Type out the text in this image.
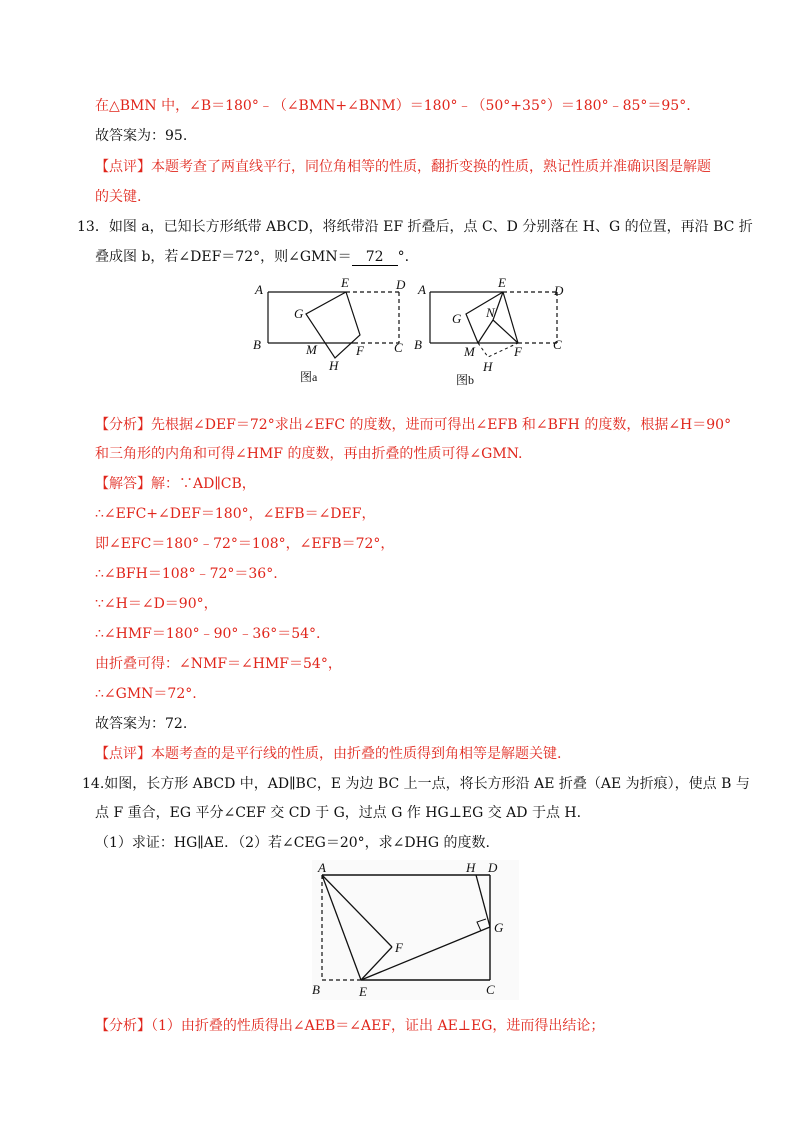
在△BMN 中，∠B＝180°﹣（∠BMN+∠BNM）＝180°﹣（50°+35°）＝180°﹣85°＝95°.
故答案为：95.
【点评】本题考查了两直线平行，同位角相等的性质，翻折变换的性质，熟记性质并准确识图是解题
的关键.
13．如图 a，已知长方形纸带 ABCD，将纸带沿 EF 折叠后，点 C、D 分别落在 H、G 的位置，再沿 BC 折
叠成图 b，若∠DEF＝72°，则∠GMN＝ 72 °.
A	E	D
G
B	M	F C
H
图a
A	E
D
G N
B	M	F C
H
图b
【分析】先根据∠DEF＝72°求出∠EFC 的度数，进而可得出∠EFB 和∠BFH 的度数，根据∠H＝90°
和三角形的内角和可得∠HMF 的度数，再由折叠的性质可得∠GMN.
【解答】解：∵AD∥CB，
∴∠EFC+∠DEF＝180°，∠EFB＝∠DEF，
即∠EFC＝180°﹣72°＝108°，∠EFB＝72°，
∴∠BFH＝108°﹣72°＝36°.
∵∠H＝∠D＝90°，
∴∠HMF＝180°﹣90°﹣36°＝54°.
由折叠可得：∠NMF＝∠HMF＝54°，
∴∠GMN＝72°.
故答案为：72.
【点评】本题考查的是平行线的性质，由折叠的性质得到角相等是解题关键.
14.如图，长方形 ABCD 中，AD∥BC，E 为边 BC 上一点，将长方形沿 AE 折叠（AE 为折痕），使点 B 与
点 F 重合，EG 平分∠CEF 交 CD 于 G，过点 G 作 HG⊥EG 交 AD 于点 H.
（1）求证：HG∥AE．（2）若∠CEG＝20°，求∠DHG 的度数.
A	H D
G
F
B	E	C
【分析】（1）由折叠的性质得出∠AEB＝∠AEF，证出 AE⊥EG，进而得出结论；
